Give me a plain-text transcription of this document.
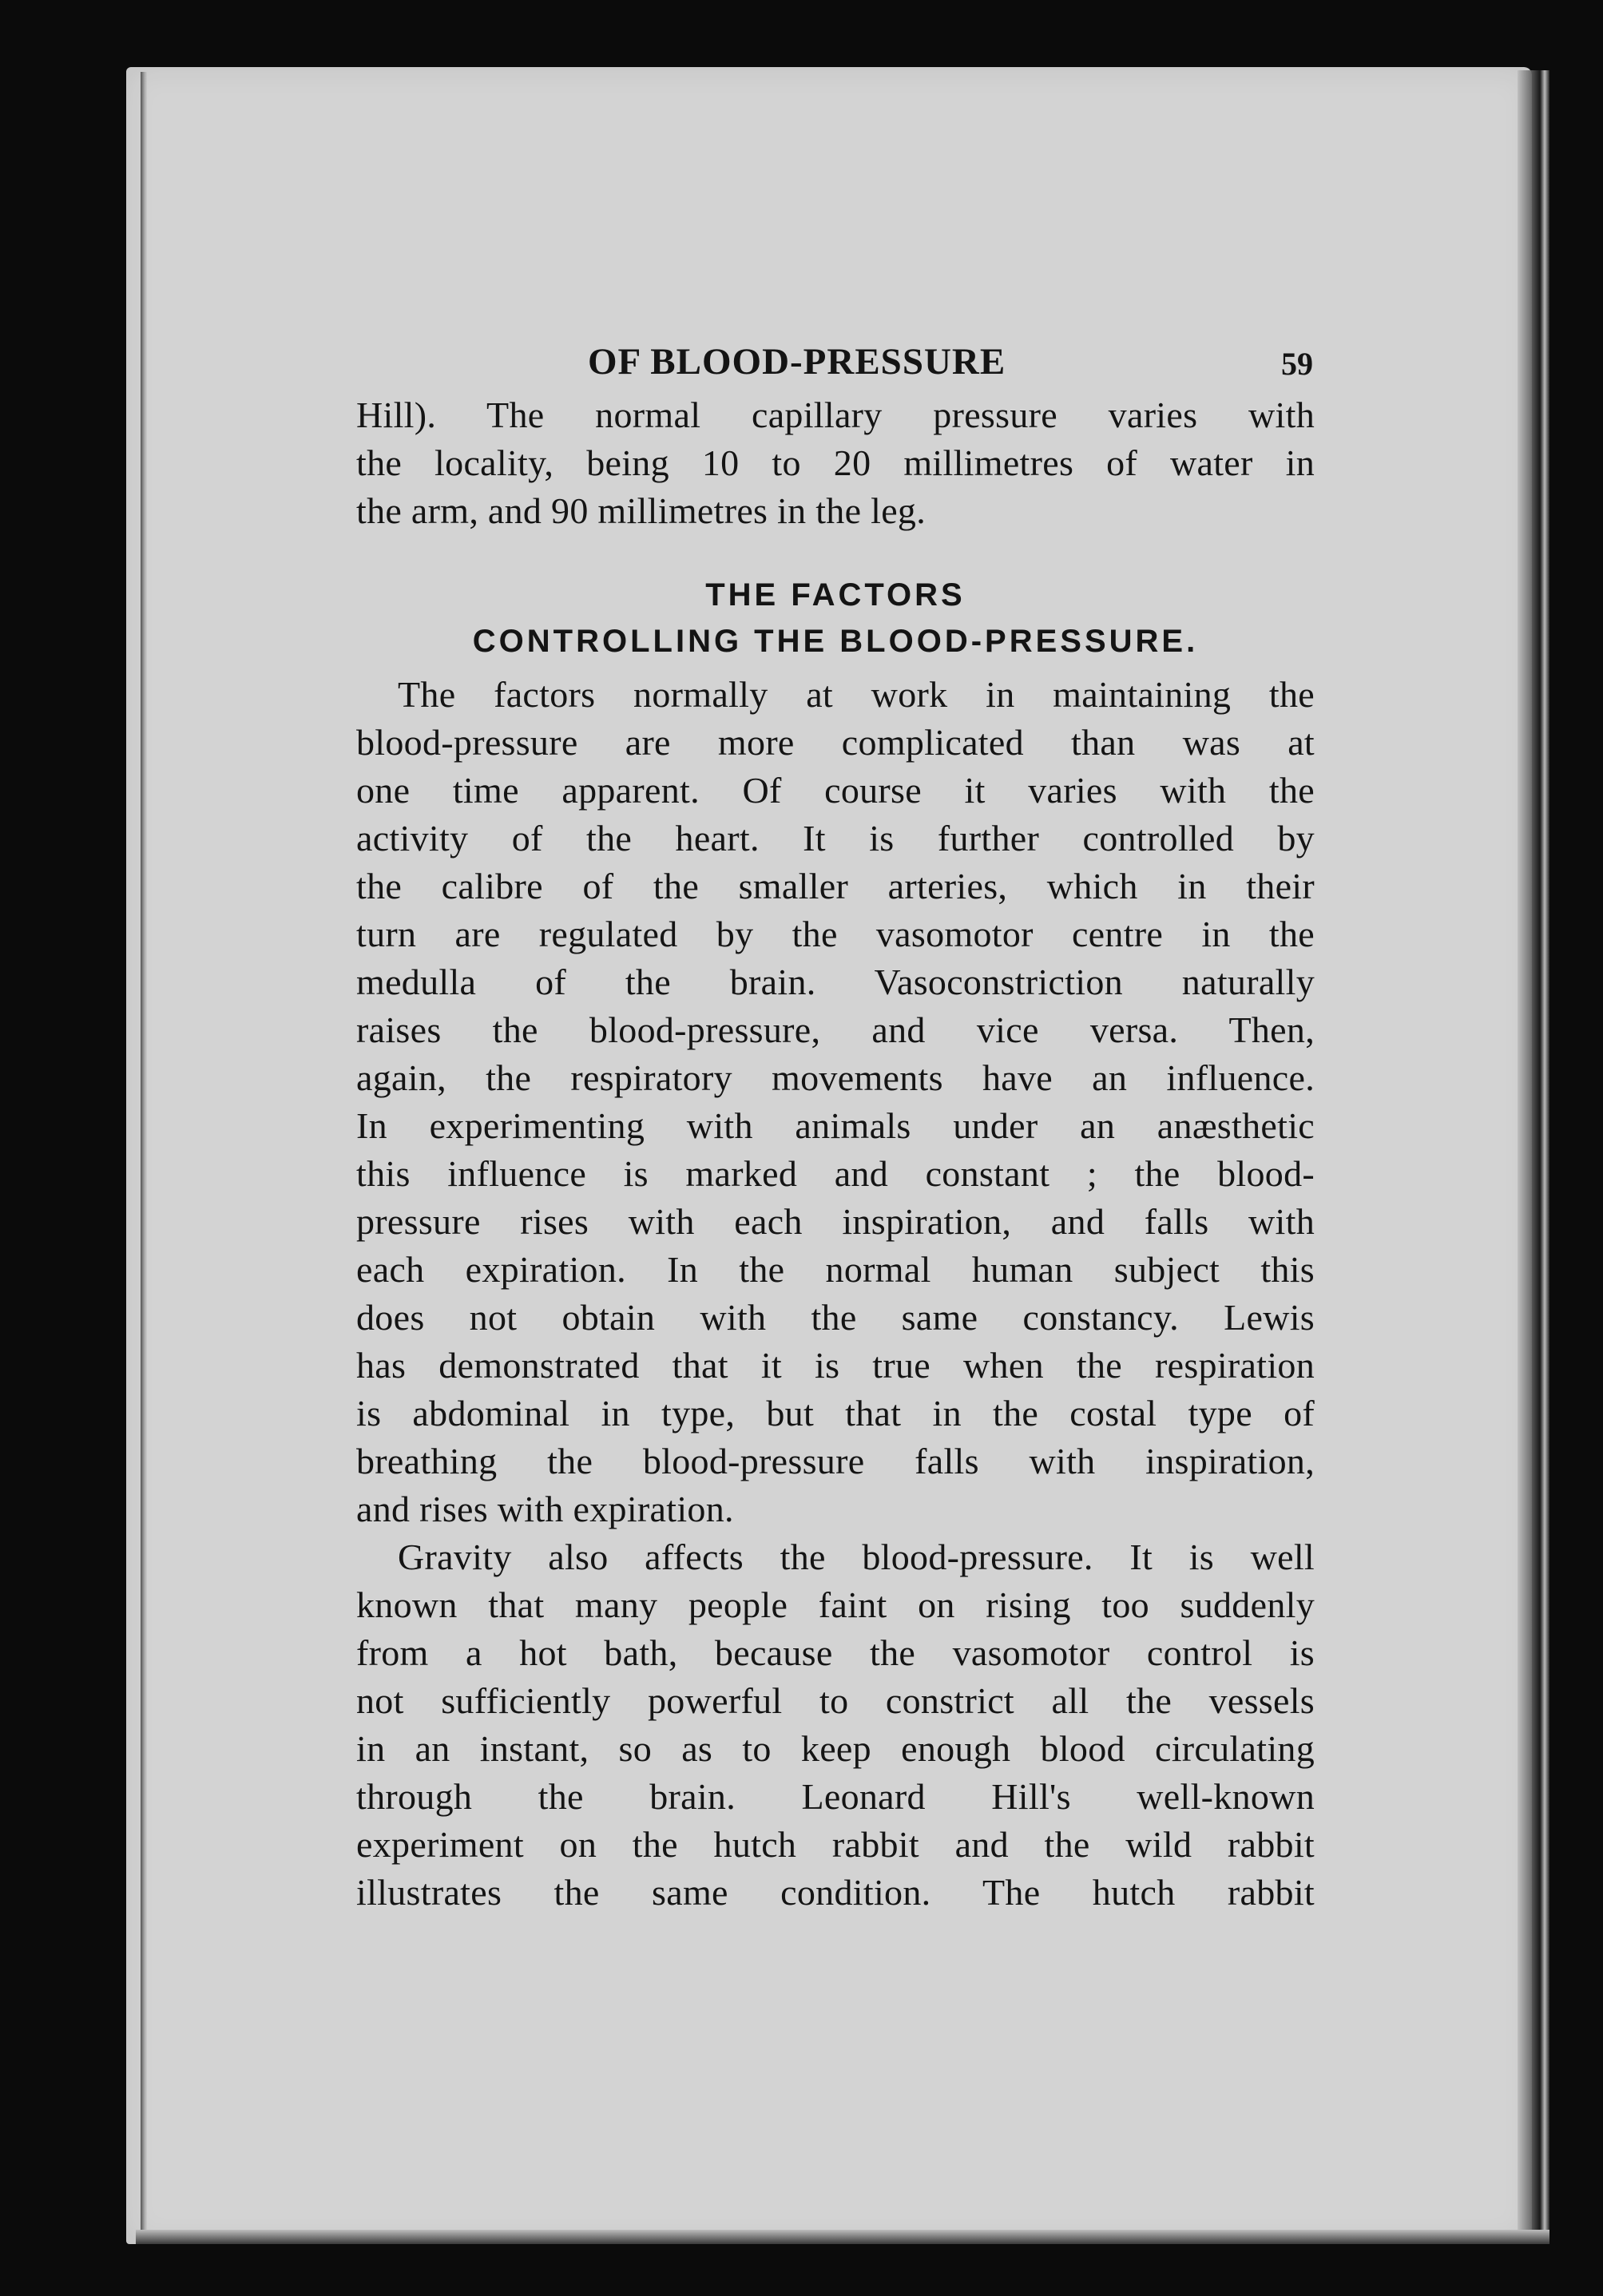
OF BLOOD-PRESSURE	59
Hill). The normal capillary pressure varies with
the locality, being 10 to 20 millimetres of water in
the arm, and 90 millimetres in the leg.
THE FACTORS
CONTROLLING THE BLOOD-PRESSURE.
The factors normally at work in maintaining the
blood-pressure are more complicated than was at
one time apparent. Of course it varies with the
activity of the heart. It is further controlled by
the calibre of the smaller arteries, which in their
turn are regulated by the vasomotor centre in the
medulla of the brain. Vasoconstriction naturally
raises the blood-pressure, and vice versa. Then,
again, the respiratory movements have an influence.
In experimenting with animals under an anæsthetic
this influence is marked and constant ; the blood-
pressure rises with each inspiration, and falls with
each expiration. In the normal human subject this
does not obtain with the same constancy. Lewis
has demonstrated that it is true when the respiration
is abdominal in type, but that in the costal type of
breathing the blood-pressure falls with inspiration,
and rises with expiration.
Gravity also affects the blood-pressure. It is well
known that many people faint on rising too suddenly
from a hot bath, because the vasomotor control is
not sufficiently powerful to constrict all the vessels
in an instant, so as to keep enough blood circulating
through the brain. Leonard Hill's well-known
experiment on the hutch rabbit and the wild rabbit
illustrates the same condition. The hutch rabbit
